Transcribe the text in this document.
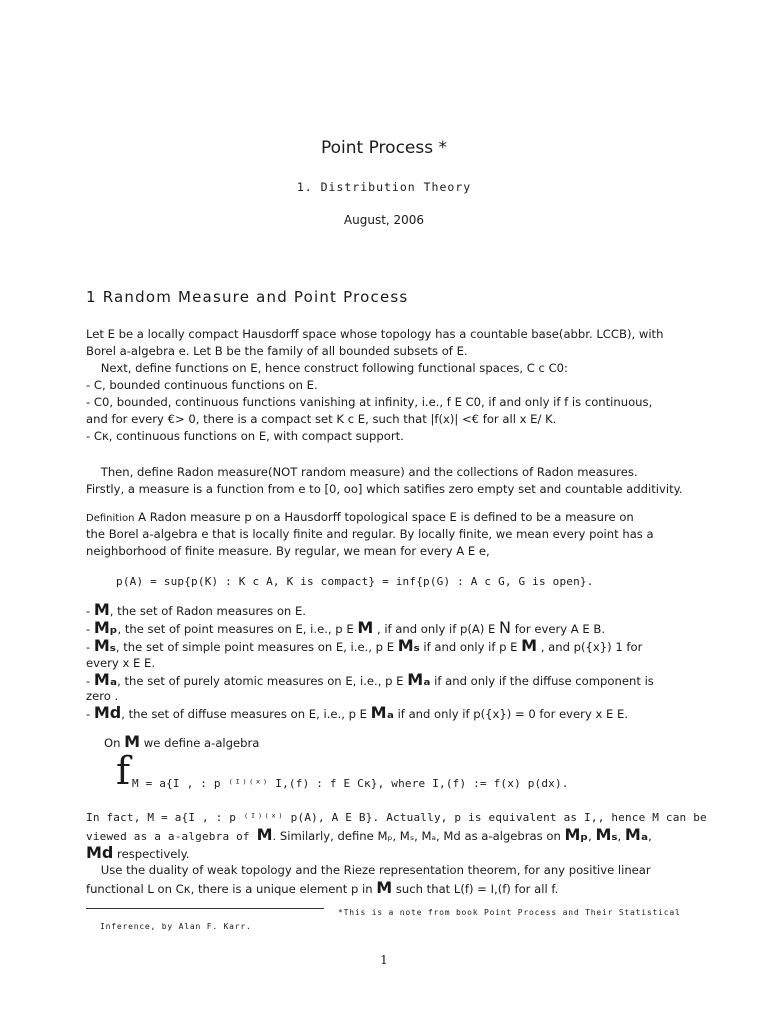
Point Process *
1. Distribution Theory
August, 2006
1 Random Measure and Point Process
Let E be a locally compact Hausdorff space whose topology has a countable base(abbr. LCCB), with
Borel a-algebra e. Let B be the family of all bounded subsets of E.
Next, define functions on E, hence construct following functional spaces, C c C0:
- C, bounded continuous functions on E.
- C0, bounded, continuous functions vanishing at infinity, i.e., f E C0, if and only if f is continuous,
and for every €> 0, there is a compact set K c E, such that |f(x)| <€ for all x E/ K.
- Cκ, continuous functions on E, with compact support.
Then, define Radon measure(NOT random measure) and the collections of Radon measures.
Firstly, a measure is a function from e to [0, oo] which satifies zero empty set and countable additivity.
Definition A Radon measure p on a Hausdorff topological space E is defined to be a measure on
the Borel a-algebra e that is locally finite and regular. By locally finite, we mean every point has a
neighborhood of finite measure. By regular, we mean for every A E e,
p(A) = sup{p(K) : K c A, K is compact} = inf{p(G) : A c G, G is open}.
- M, the set of Radon measures on E.
- Mₚ, the set of point measures on E, i.e., p E M , if and only if p(A) E N for every A E B.
- Mₛ, the set of simple point measures on E, i.e., p E Mₛ if and only if p E M , and p({x}) 1 for
every x E E.
- Mₐ, the set of purely atomic measures on E, i.e., p E Mₐ if and only if the diffuse component is
zero .
- Md, the set of diffuse measures on E, i.e., p E Mₐ if and only if p({x}) = 0 for every x E E.
On M we define a-algebra
f M = a{I , : p ⁽ᴵ⁾⁽ˣ⁾ I,(f) : f E Cκ}, where I,(f) := f(x) p(dx).
In fact, M = a{I , : p ⁽ᴵ⁾⁽ˣ⁾ p(A), A E B}. Actually, p is equivalent as I,, hence M can be
viewed as a a-algebra of M. Similarly, define Mₚ, Mₛ, Mₐ, Md as a-algebras on Mₚ, Mₛ, Mₐ,
Md respectively.
Use the duality of weak topology and the Rieze representation theorem, for any positive linear
functional L on Cκ, there is a unique element p in M such that L(f) = I,(f) for all f.
*This is a note from book Point Process and Their Statistical
Inference, by Alan F. Karr.
1
